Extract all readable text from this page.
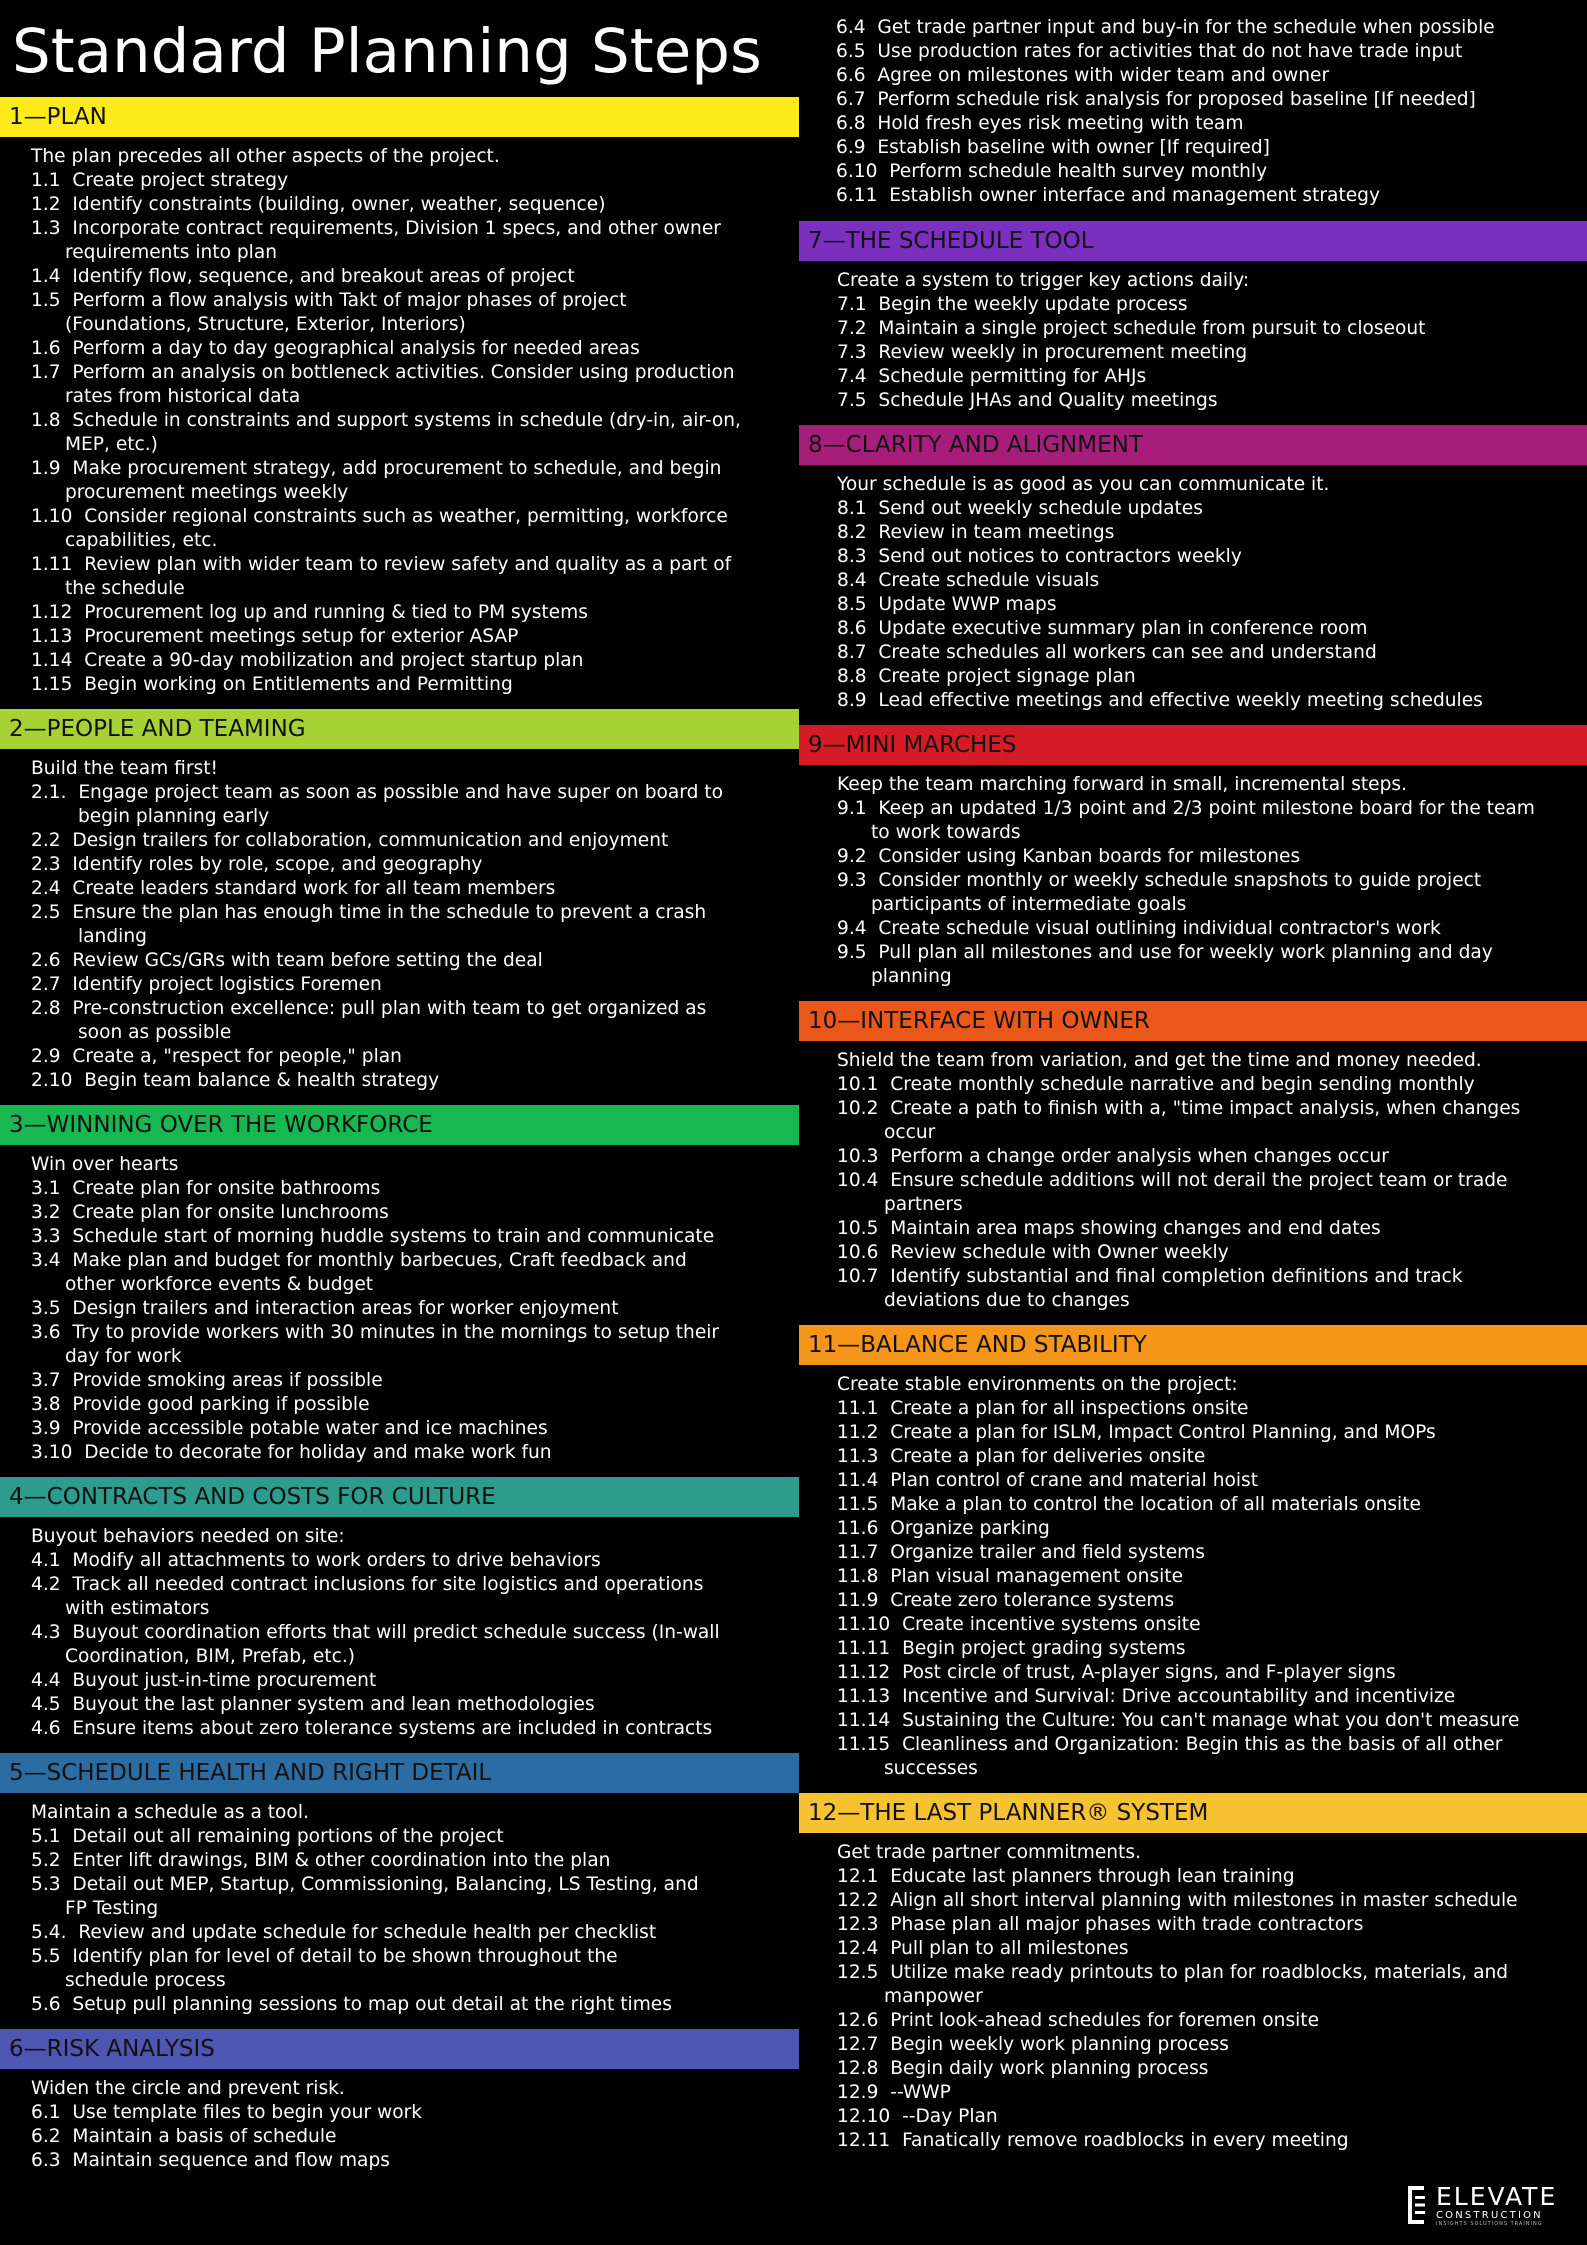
Standard Planning Steps
1—PLAN
The plan precedes all other aspects of the project.
1.1 Create project strategy
1.2 Identify constraints (building, owner, weather, sequence)
1.3 Incorporate contract requirements, Division 1 specs, and other owner
requirements into plan
1.4 Identify flow, sequence, and breakout areas of project
1.5 Perform a flow analysis with Takt of major phases of project
(Foundations, Structure, Exterior, Interiors)
1.6 Perform a day to day geographical analysis for needed areas
1.7 Perform an analysis on bottleneck activities. Consider using production
rates from historical data
1.8 Schedule in constraints and support systems in schedule (dry-in, air-on,
MEP, etc.)
1.9 Make procurement strategy, add procurement to schedule, and begin
procurement meetings weekly
1.10 Consider regional constraints such as weather, permitting, workforce
capabilities, etc.
1.11 Review plan with wider team to review safety and quality as a part of
the schedule
1.12 Procurement log up and running & tied to PM systems
1.13 Procurement meetings setup for exterior ASAP
1.14 Create a 90-day mobilization and project startup plan
1.15 Begin working on Entitlements and Permitting
2—PEOPLE AND TEAMING
Build the team first!
2.1. Engage project team as soon as possible and have super on board to
begin planning early
2.2 Design trailers for collaboration, communication and enjoyment
2.3 Identify roles by role, scope, and geography
2.4 Create leaders standard work for all team members
2.5 Ensure the plan has enough time in the schedule to prevent a crash
landing
2.6 Review GCs/GRs with team before setting the deal
2.7 Identify project logistics Foremen
2.8 Pre-construction excellence: pull plan with team to get organized as
soon as possible
2.9 Create a, "respect for people," plan
2.10 Begin team balance & health strategy
3—WINNING OVER THE WORKFORCE
Win over hearts
3.1 Create plan for onsite bathrooms
3.2 Create plan for onsite lunchrooms
3.3 Schedule start of morning huddle systems to train and communicate
3.4 Make plan and budget for monthly barbecues, Craft feedback and
other workforce events & budget
3.5 Design trailers and interaction areas for worker enjoyment
3.6 Try to provide workers with 30 minutes in the mornings to setup their
day for work
3.7 Provide smoking areas if possible
3.8 Provide good parking if possible
3.9 Provide accessible potable water and ice machines
3.10 Decide to decorate for holiday and make work fun
4—CONTRACTS AND COSTS FOR CULTURE
Buyout behaviors needed on site:
4.1 Modify all attachments to work orders to drive behaviors
4.2 Track all needed contract inclusions for site logistics and operations
with estimators
4.3 Buyout coordination efforts that will predict schedule success (In-wall
Coordination, BIM, Prefab, etc.)
4.4 Buyout just-in-time procurement
4.5 Buyout the last planner system and lean methodologies
4.6 Ensure items about zero tolerance systems are included in contracts
5—SCHEDULE HEALTH AND RIGHT DETAIL
Maintain a schedule as a tool.
5.1 Detail out all remaining portions of the project
5.2 Enter lift drawings, BIM & other coordination into the plan
5.3 Detail out MEP, Startup, Commissioning, Balancing, LS Testing, and
FP Testing
5.4. Review and update schedule for schedule health per checklist
5.5 Identify plan for level of detail to be shown throughout the
schedule process
5.6 Setup pull planning sessions to map out detail at the right times
6—RISK ANALYSIS
Widen the circle and prevent risk.
6.1 Use template files to begin your work
6.2 Maintain a basis of schedule
6.3 Maintain sequence and flow maps
6.4 Get trade partner input and buy-in for the schedule when possible
6.5 Use production rates for activities that do not have trade input
6.6 Agree on milestones with wider team and owner
6.7 Perform schedule risk analysis for proposed baseline [If needed]
6.8 Hold fresh eyes risk meeting with team
6.9 Establish baseline with owner [If required]
6.10 Perform schedule health survey monthly
6.11 Establish owner interface and management strategy
7—THE SCHEDULE TOOL
Create a system to trigger key actions daily:
7.1 Begin the weekly update process
7.2 Maintain a single project schedule from pursuit to closeout
7.3 Review weekly in procurement meeting
7.4 Schedule permitting for AHJs
7.5 Schedule JHAs and Quality meetings
8—CLARITY AND ALIGNMENT
Your schedule is as good as you can communicate it.
8.1 Send out weekly schedule updates
8.2 Review in team meetings
8.3 Send out notices to contractors weekly
8.4 Create schedule visuals
8.5 Update WWP maps
8.6 Update executive summary plan in conference room
8.7 Create schedules all workers can see and understand
8.8 Create project signage plan
8.9 Lead effective meetings and effective weekly meeting schedules
9—MINI MARCHES
Keep the team marching forward in small, incremental steps.
9.1 Keep an updated 1/3 point and 2/3 point milestone board for the team
to work towards
9.2 Consider using Kanban boards for milestones
9.3 Consider monthly or weekly schedule snapshots to guide project
participants of intermediate goals
9.4 Create schedule visual outlining individual contractor's work
9.5 Pull plan all milestones and use for weekly work planning and day
planning
10—INTERFACE WITH OWNER
Shield the team from variation, and get the time and money needed.
10.1 Create monthly schedule narrative and begin sending monthly
10.2 Create a path to finish with a, "time impact analysis, when changes
occur
10.3 Perform a change order analysis when changes occur
10.4 Ensure schedule additions will not derail the project team or trade
partners
10.5 Maintain area maps showing changes and end dates
10.6 Review schedule with Owner weekly
10.7 Identify substantial and final completion definitions and track
deviations due to changes
11—BALANCE AND STABILITY
Create stable environments on the project:
11.1 Create a plan for all inspections onsite
11.2 Create a plan for ISLM, Impact Control Planning, and MOPs
11.3 Create a plan for deliveries onsite
11.4 Plan control of crane and material hoist
11.5 Make a plan to control the location of all materials onsite
11.6 Organize parking
11.7 Organize trailer and field systems
11.8 Plan visual management onsite
11.9 Create zero tolerance systems
11.10 Create incentive systems onsite
11.11 Begin project grading systems
11.12 Post circle of trust, A-player signs, and F-player signs
11.13 Incentive and Survival: Drive accountability and incentivize
11.14 Sustaining the Culture: You can't manage what you don't measure
11.15 Cleanliness and Organization: Begin this as the basis of all other
successes
12—THE LAST PLANNER® SYSTEM
Get trade partner commitments.
12.1 Educate last planners through lean training
12.2 Align all short interval planning with milestones in master schedule
12.3 Phase plan all major phases with trade contractors
12.4 Pull plan to all milestones
12.5 Utilize make ready printouts to plan for roadblocks, materials, and
manpower
12.6 Print look-ahead schedules for foremen onsite
12.7 Begin weekly work planning process
12.8 Begin daily work planning process
12.9 --WWP
12.10 --Day Plan
12.11 Fanatically remove roadblocks in every meeting
ELEVATE
CONSTRUCTION
INSIGHTS SOLUTIONS TRAINING
